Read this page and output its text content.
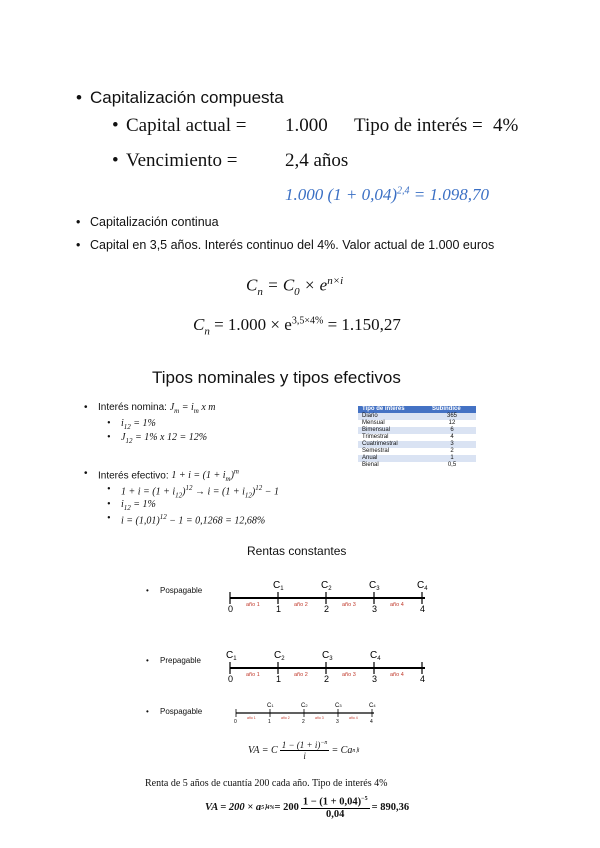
• Capitalización compuesta
• Capital actual = 1.000 Tipo de interés = 4%
• Vencimiento =	2,4 años
1.000 $(1 + 0,04)^{2,4} = 1.098,70$
• Capitalización continua
• Capital en 3,5 años. Interés continuo del 4%. Valor actual de 1.000 euros
$C_n = C_0 \times e^{n\times i}$
$C_n = 1.000 \times e^{3,5\times 4\%} = 1.150,27$
Tipos nominales y tipos efectivos
• Interés nomina: $J_m = i_m$ x m
• $i_{12} = 1\%$
• $J_{12} = 1\%$ x 12 = 12%
• Interés efectivo: $1 + i = (1 + i_m)^m$
• $1 + i = (1 + i_{12})^{12} \to i = (1 + i_{12})^{12} - 1$
• $i_{12} = 1\%$
• $i = (1,01)^{12} - 1 = 0,1268 = 12,68\%$
Tipo de interés	Subíndice
Diario	365
Mensual	12
Bimensual	6
Trimestral	4
Cuatrimestral	3
Semestral	2
Anual	1
Bienal	0,5
Rentas constantes
• Pospagable	$C_1$	$C_2$	$C_3$	$C_4$
0	1	2	3	4
año 1	año 2	año 3	año 4
• Prepagable	$C_1$	$C_2$	$C_3$	$C_4$
0	1	2	3	4
año 1	año 2	año 3	año 4
• Pospagable
C1	C2	C3	C4
0	1	2	3	4
año 1	año 2	año 3	año 4
VA = C $\frac{1 - (1 + i)^{-n}}{i} = Ca$ n⌉i
Renta de 5 años de cuantía 200 cada año. Tipo de interés 4%
VA = 200 × a 5⌉4% = $200 \frac{1 - (1 + 0,04)^{-5}}{0,04} = 890,36$
